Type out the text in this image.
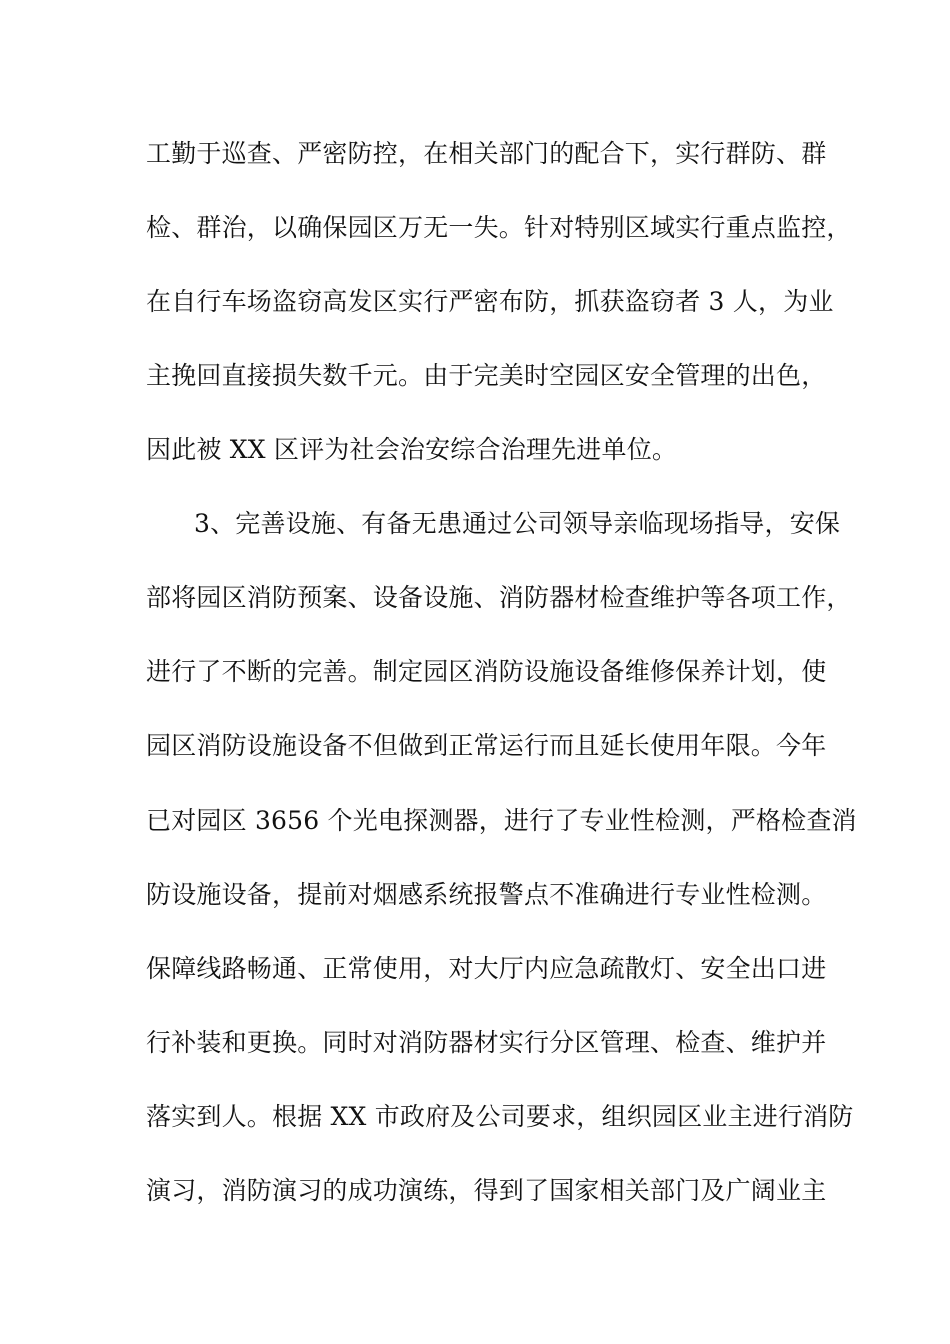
工勤于巡查、严密防控，在相关部门的配合下，实行群防、群
检、群治，以确保园区万无一失。针对特别区域实行重点监控，
在自行车场盗窃高发区实行严密布防，抓获盗窃者 3 人，为业
主挽回直接损失数千元。由于完美时空园区安全管理的出色，
因此被 XX 区评为社会治安综合治理先进单位。
3、完善设施、有备无患通过公司领导亲临现场指导，安保
部将园区消防预案、设备设施、消防器材检查维护等各项工作，
进行了不断的完善。制定园区消防设施设备维修保养计划，使
园区消防设施设备不但做到正常运行而且延长使用年限。今年
已对园区 3656 个光电探测器，进行了专业性检测，严格检查消
防设施设备，提前对烟感系统报警点不准确进行专业性检测。
保障线路畅通、正常使用，对大厅内应急疏散灯、安全出口进
行补装和更换。同时对消防器材实行分区管理、检查、维护并
落实到人。根据 XX 市政府及公司要求，组织园区业主进行消防
演习，消防演习的成功演练，得到了国家相关部门及广阔业主
